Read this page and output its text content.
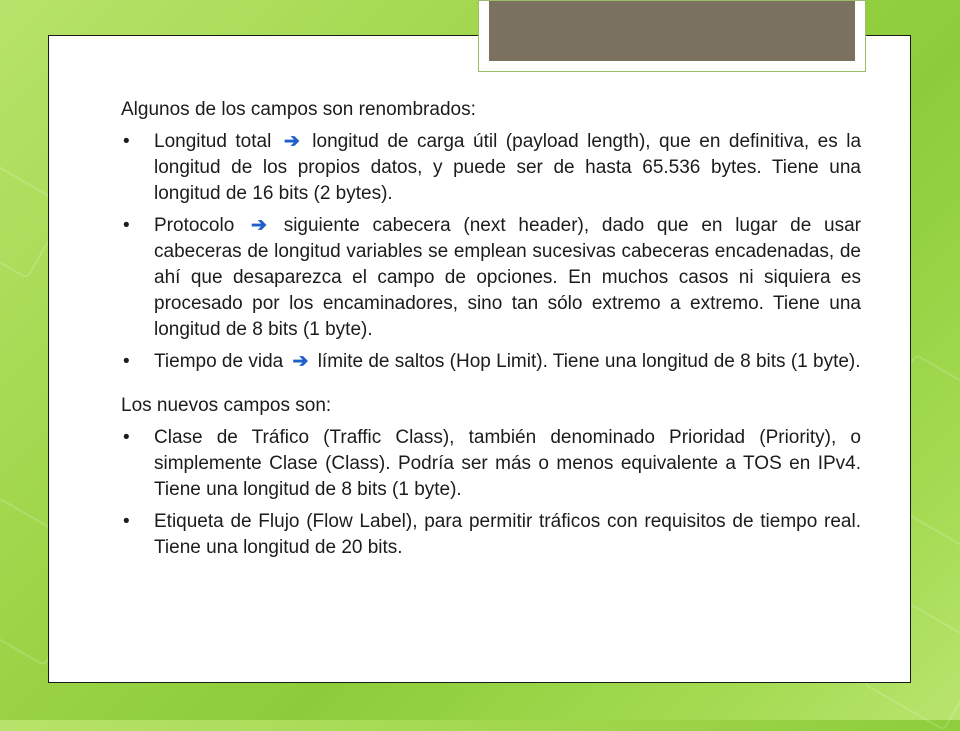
Algunos de los campos son renombrados:
• Longitud total ➔ longitud de carga útil (payload length), que en definitiva, es la longitud de los propios datos, y puede ser de hasta 65.536 bytes. Tiene una longitud de 16 bits (2 bytes).
• Protocolo ➔ siguiente cabecera (next header), dado que en lugar de usar cabeceras de longitud variables se emplean sucesivas cabeceras encadenadas, de ahí que desaparezca el campo de opciones. En muchos casos ni siquiera es procesado por los encaminadores, sino tan sólo extremo a extremo. Tiene una longitud de 8 bits (1 byte).
• Tiempo de vida ➔ límite de saltos (Hop Limit). Tiene una longitud de 8 bits (1 byte).
Los nuevos campos son:
• Clase de Tráfico (Traffic Class), también denominado Prioridad (Priority), o simplemente Clase (Class). Podría ser más o menos equivalente a TOS en IPv4. Tiene una longitud de 8 bits (1 byte).
• Etiqueta de Flujo (Flow Label), para permitir tráficos con requisitos de tiempo real. Tiene una longitud de 20 bits.
